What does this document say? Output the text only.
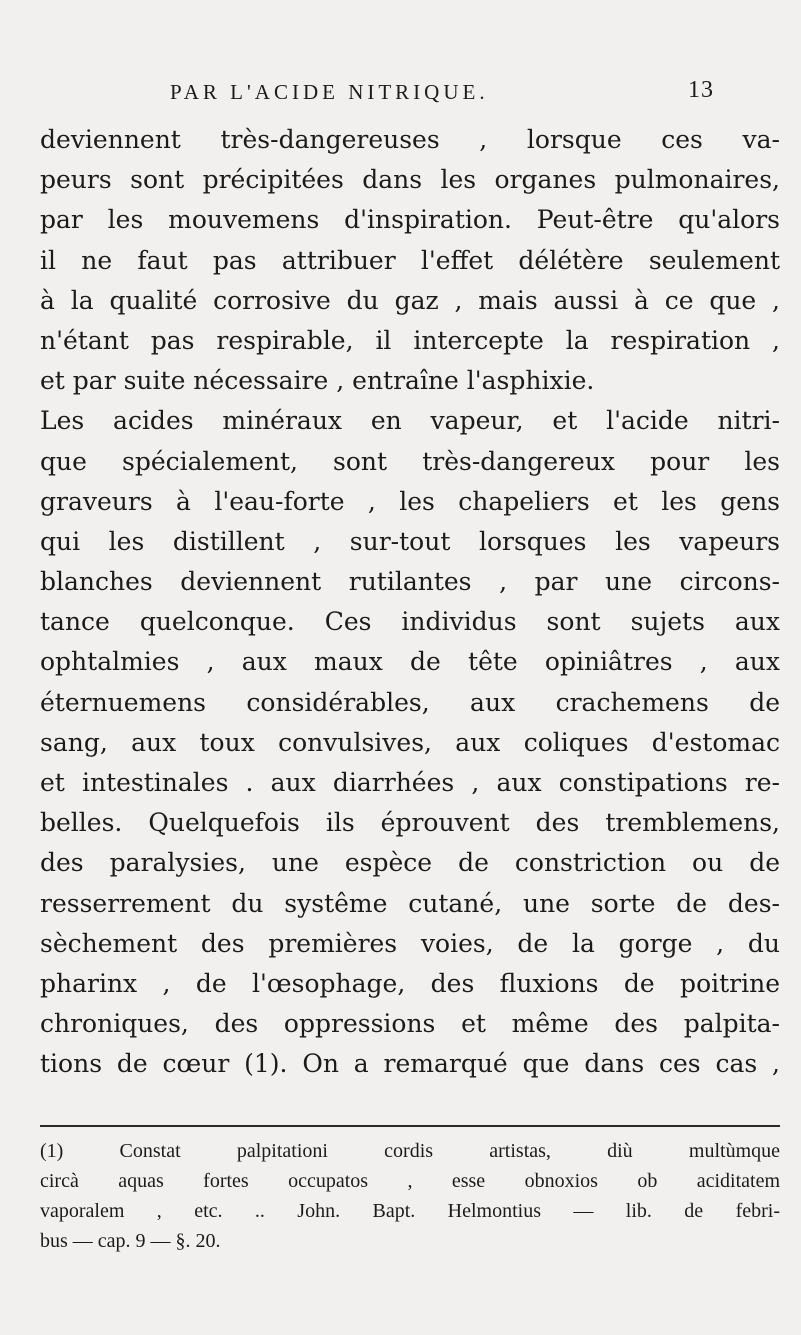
PAR L'ACIDE NITRIQUE.	13
deviennent très-dangereuses , lorsque ces va-
peurs sont précipitées dans les organes pulmonaires,
par les mouvemens d'inspiration. Peut-être qu'alors
il ne faut pas attribuer l'effet délétère seulement
à la qualité corrosive du gaz , mais aussi à ce que ,
n'étant pas respirable, il intercepte la respiration ,
et par suite nécessaire , entraîne l'asphixie.
Les acides minéraux en vapeur, et l'acide nitri-
que spécialement, sont très-dangereux pour les
graveurs à l'eau-forte , les chapeliers et les gens
qui les distillent , sur-tout lorsques les vapeurs
blanches deviennent rutilantes , par une circons-
tance quelconque. Ces individus sont sujets aux
ophtalmies , aux maux de tête opiniâtres , aux
éternuemens considérables, aux crachemens de
sang, aux toux convulsives, aux coliques d'estomac
et intestinales . aux diarrhées , aux constipations re-
belles. Quelquefois ils éprouvent des tremblemens,
des paralysies, une espèce de constriction ou de
resserrement du systême cutané, une sorte de des-
sèchement des premières voies, de la gorge , du
pharinx , de l'œsophage, des fluxions de poitrine
chroniques, des oppressions et même des palpita-
tions de cœur (1). On a remarqué que dans ces cas ,
(1) Constat palpitationi cordis artistas, diù multùmque
circà aquas fortes occupatos , esse obnoxios ob aciditatem
vaporalem , etc. .. John. Bapt. Helmontius — lib. de febri-
bus — cap. 9 — §. 20.
